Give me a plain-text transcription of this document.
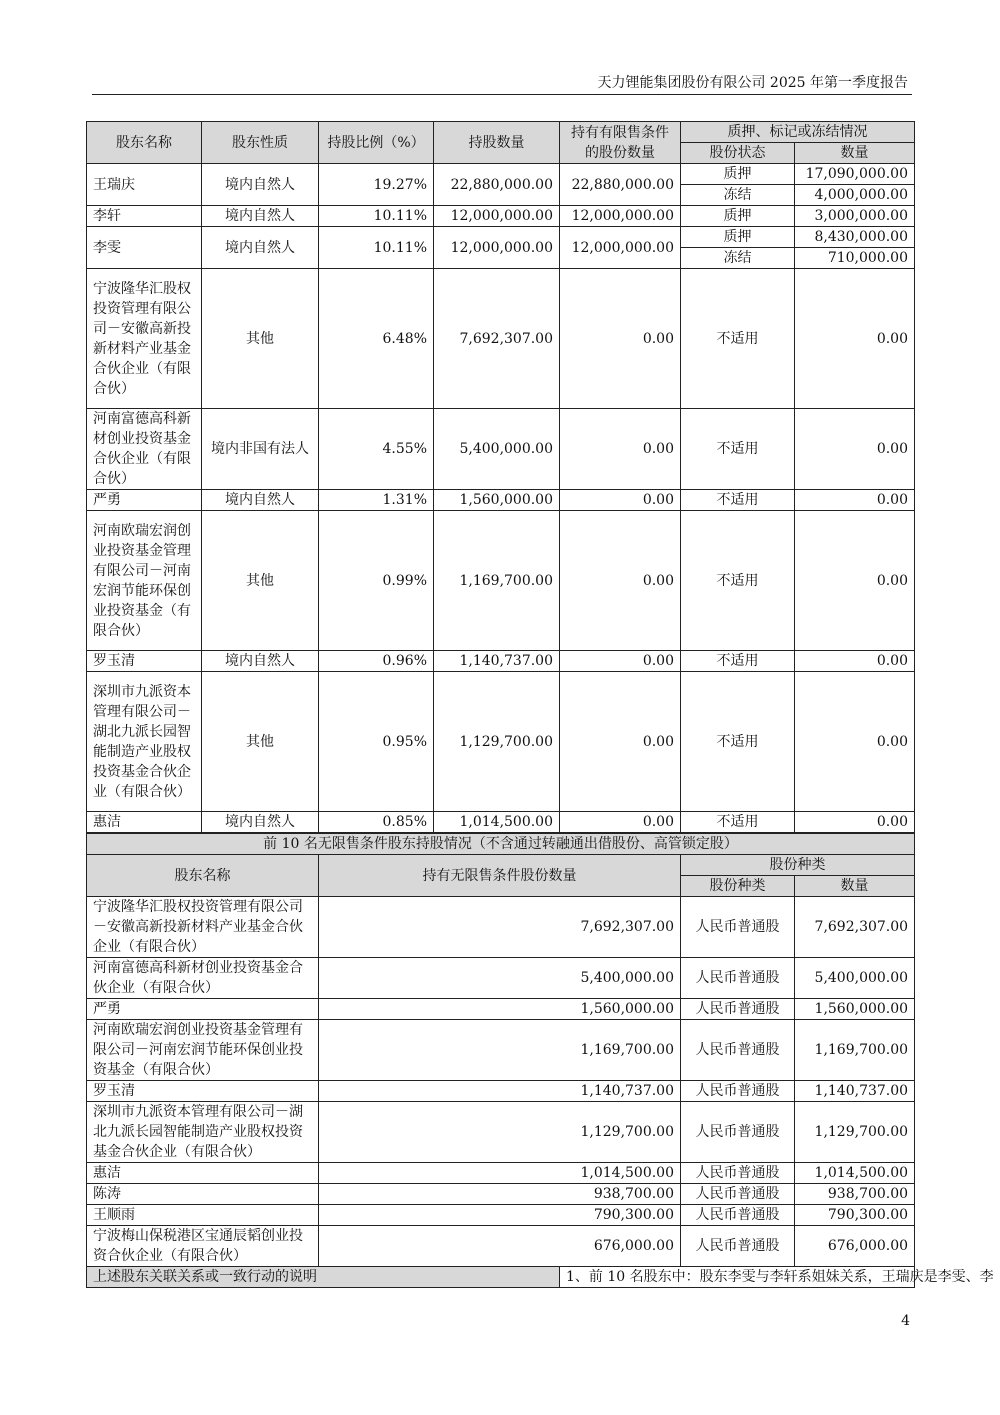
天力锂能集团股份有限公司 2025 年第一季度报告
股东名称	股东性质	持股比例（%）	持股数量	持有有限售条件的股份数量	质押、标记或冻结情况	
					股份状态	数量
王瑞庆	境内自然人	19.27%	22,880,000.00	22,880,000.00	质押	17,090,000.00
					冻结	4,000,000.00
李轩	境内自然人	10.11%	12,000,000.00	12,000,000.00	质押	3,000,000.00
李雯	境内自然人	10.11%	12,000,000.00	12,000,000.00	质押	8,430,000.00
					冻结	710,000.00
宁波隆华汇股权投资管理有限公司－安徽高新投新材料产业基金合伙企业（有限合伙）	其他	6.48%	7,692,307.00	0.00	不适用	0.00
河南富德高科新材创业投资基金合伙企业（有限合伙）	境内非国有法人	4.55%	5,400,000.00	0.00	不适用	0.00
严勇	境内自然人	1.31%	1,560,000.00	0.00	不适用	0.00
河南欧瑞宏润创业投资基金管理有限公司－河南宏润节能环保创业投资基金（有限合伙）	其他	0.99%	1,169,700.00	0.00	不适用	0.00
罗玉清	境内自然人	0.96%	1,140,737.00	0.00	不适用	0.00
深圳市九派资本管理有限公司－湖北九派长园智能制造产业股权投资基金合伙企业（有限合伙）	其他	0.95%	1,129,700.00	0.00	不适用	0.00
惠洁	境内自然人	0.85%	1,014,500.00	0.00	不适用	0.00
前 10 名无限售条件股东持股情况（不含通过转融通出借股份、高管锁定股）				
股东名称	持有无限售条件股份数量		股份种类	
			股份种类	数量
宁波隆华汇股权投资管理有限公司－安徽高新投新材料产业基金合伙企业（有限合伙）	7,692,307.00		人民币普通股	7,692,307.00
河南富德高科新材创业投资基金合伙企业（有限合伙）	5,400,000.00		人民币普通股	5,400,000.00
严勇	1,560,000.00		人民币普通股	1,560,000.00
河南欧瑞宏润创业投资基金管理有限公司－河南宏润节能环保创业投资基金（有限合伙）	1,169,700.00		人民币普通股	1,169,700.00
罗玉清	1,140,737.00		人民币普通股	1,140,737.00
深圳市九派资本管理有限公司－湖北九派长园智能制造产业股权投资基金合伙企业（有限合伙）	1,129,700.00		人民币普通股	1,129,700.00
惠洁	1,014,500.00		人民币普通股	1,014,500.00
陈涛	938,700.00		人民币普通股	938,700.00
王顺雨	790,300.00		人民币普通股	790,300.00
宁波梅山保税港区宝通辰韬创业投资合伙企业（有限合伙）	676,000.00		人民币普通股	676,000.00
上述股东关联关系或一致行动的说明		1、前 10 名股东中：股东李雯与李轩系姐妹关系，王瑞庆是李雯、李		
4
